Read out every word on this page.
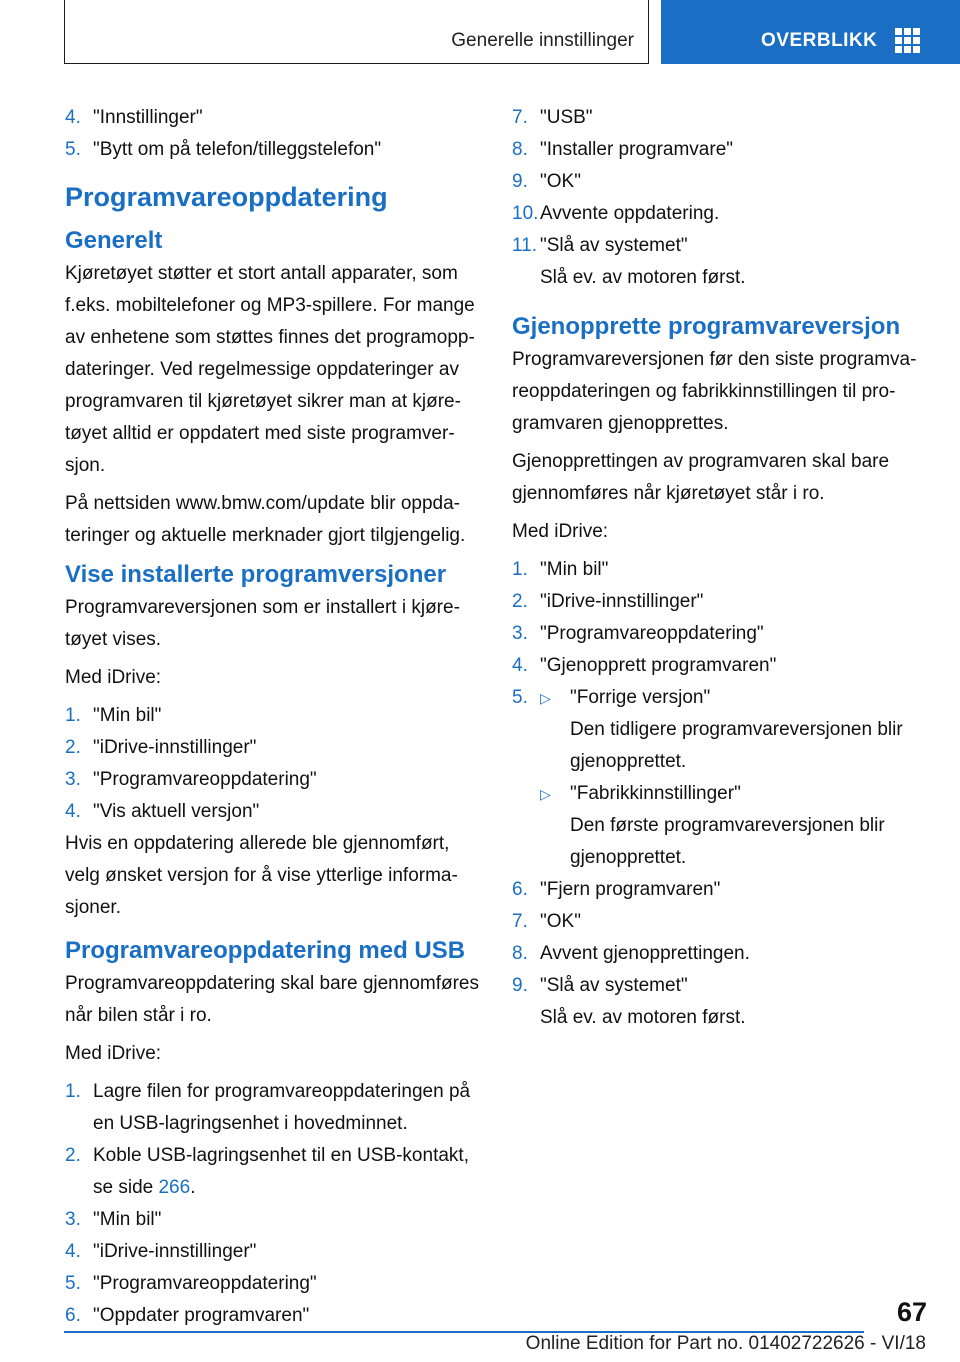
Generelle innstillinger	OVERBLIKK
4. "Innstillinger"
5. "Bytt om på telefon/tilleggstelefon"
Programvareoppdatering
Generelt
Kjøretøyet støtter et stort antall apparater, som
f.eks. mobiltelefoner og MP3-spillere. For mange
av enhetene som støttes finnes det programopp-
dateringer. Ved regelmessige oppdateringer av
programvaren til kjøretøyet sikrer man at kjøre-
tøyet alltid er oppdatert med siste programver-
sjon.
På nettsiden www.bmw.com/update blir oppda-
teringer og aktuelle merknader gjort tilgjengelig.
Vise installerte programversjoner
Programvareversjonen som er installert i kjøre-
tøyet vises.
Med iDrive:
1. "Min bil"
2. "iDrive-innstillinger"
3. "Programvareoppdatering"
4. "Vis aktuell versjon"
Hvis en oppdatering allerede ble gjennomført,
velg ønsket versjon for å vise ytterlige informa-
sjoner.
Programvareoppdatering med USB
Programvareoppdatering skal bare gjennomføres
når bilen står i ro.
Med iDrive:
1. Lagre filen for programvareoppdateringen på
en USB-lagringsenhet i hovedminnet.
2. Koble USB-lagringsenhet til en USB-kontakt,
se side 266.
3. "Min bil"
4. "iDrive-innstillinger"
5. "Programvareoppdatering"
6. "Oppdater programvaren"
7. "USB"
8. "Installer programvare"
9. "OK"
10. Avvente oppdatering.
11. "Slå av systemet"
Slå ev. av motoren først.
Gjenopprette programvareversjon
Programvareversjonen før den siste programva-
reoppdateringen og fabrikkinnstillingen til pro-
gramvaren gjenopprettes.
Gjenopprettingen av programvaren skal bare
gjennomføres når kjøretøyet står i ro.
Med iDrive:
1. "Min bil"
2. "iDrive-innstillinger"
3. "Programvareoppdatering"
4. "Gjenopprett programvaren"
5. ▷	"Forrige versjon"
Den tidligere programvareversjonen blir
gjenopprettet.
▷	"Fabrikkinnstillinger"
Den første programvareversjonen blir
gjenopprettet.
6. "Fjern programvaren"
7. "OK"
8. Avvent gjenopprettingen.
9. "Slå av systemet"
Slå ev. av motoren først.
67
Online Edition for Part no. 01402722626 - VI/18
